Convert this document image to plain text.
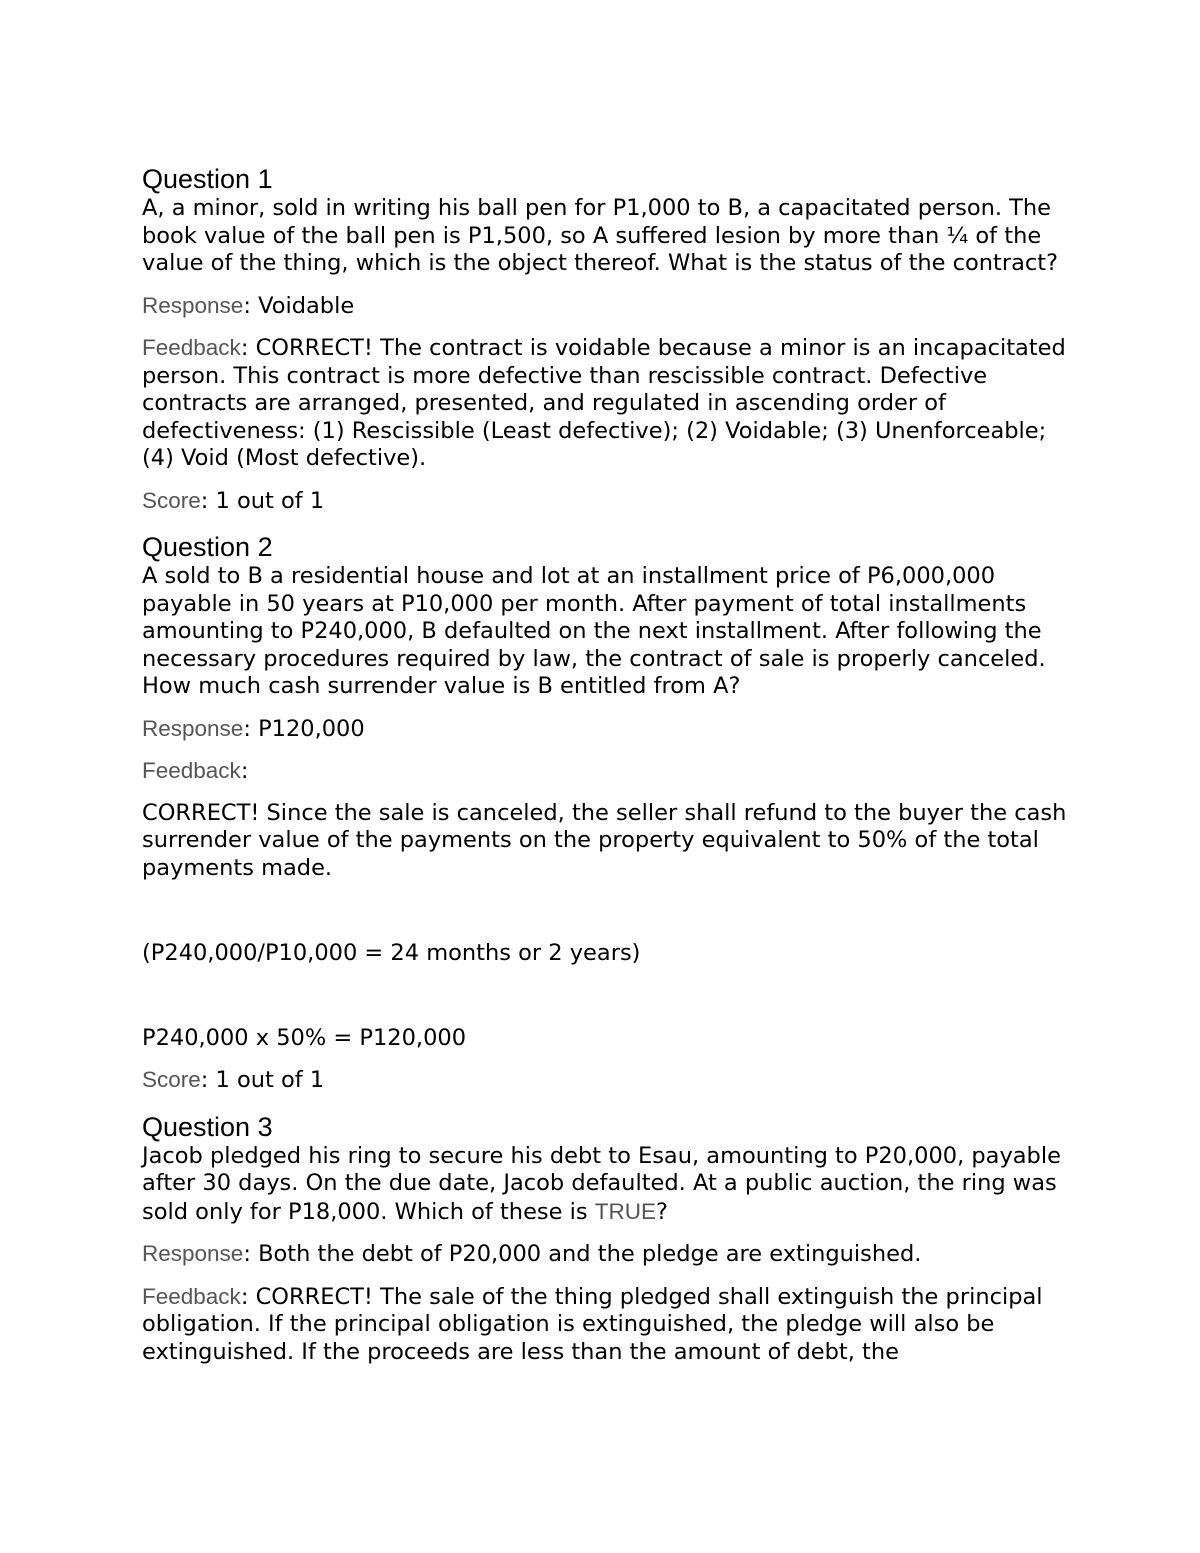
Question 1

A, a minor, sold in writing his ball pen for P1,000 to B, a capacitated person. The book value of the ball pen is P1,500, so A suffered lesion by more than ¼ of the value of the thing, which is the object thereof. What is the status of the contract?

Response: Voidable

Feedback: CORRECT! The contract is voidable because a minor is an incapacitated person. This contract is more defective than rescissible contract. Defective contracts are arranged, presented, and regulated in ascending order of defectiveness: (1) Rescissible (Least defective); (2) Voidable; (3) Unenforceable; (4) Void (Most defective).

Score: 1 out of 1

Question 2

A sold to B a residential house and lot at an installment price of P6,000,000 payable in 50 years at P10,000 per month. After payment of total installments amounting to P240,000, B defaulted on the next installment. After following the necessary procedures required by law, the contract of sale is properly canceled. How much cash surrender value is B entitled from A?

Response: P120,000

Feedback:

CORRECT! Since the sale is canceled, the seller shall refund to the buyer the cash surrender value of the payments on the property equivalent to 50% of the total payments made.

(P240,000/P10,000 = 24 months or 2 years)

P240,000 x 50% = P120,000

Score: 1 out of 1

Question 3

Jacob pledged his ring to secure his debt to Esau, amounting to P20,000, payable after 30 days. On the due date, Jacob defaulted. At a public auction, the ring was sold only for P18,000. Which of these is TRUE?

Response: Both the debt of P20,000 and the pledge are extinguished.

Feedback: CORRECT! The sale of the thing pledged shall extinguish the principal obligation. If the principal obligation is extinguished, the pledge will also be extinguished. If the proceeds are less than the amount of debt, the
